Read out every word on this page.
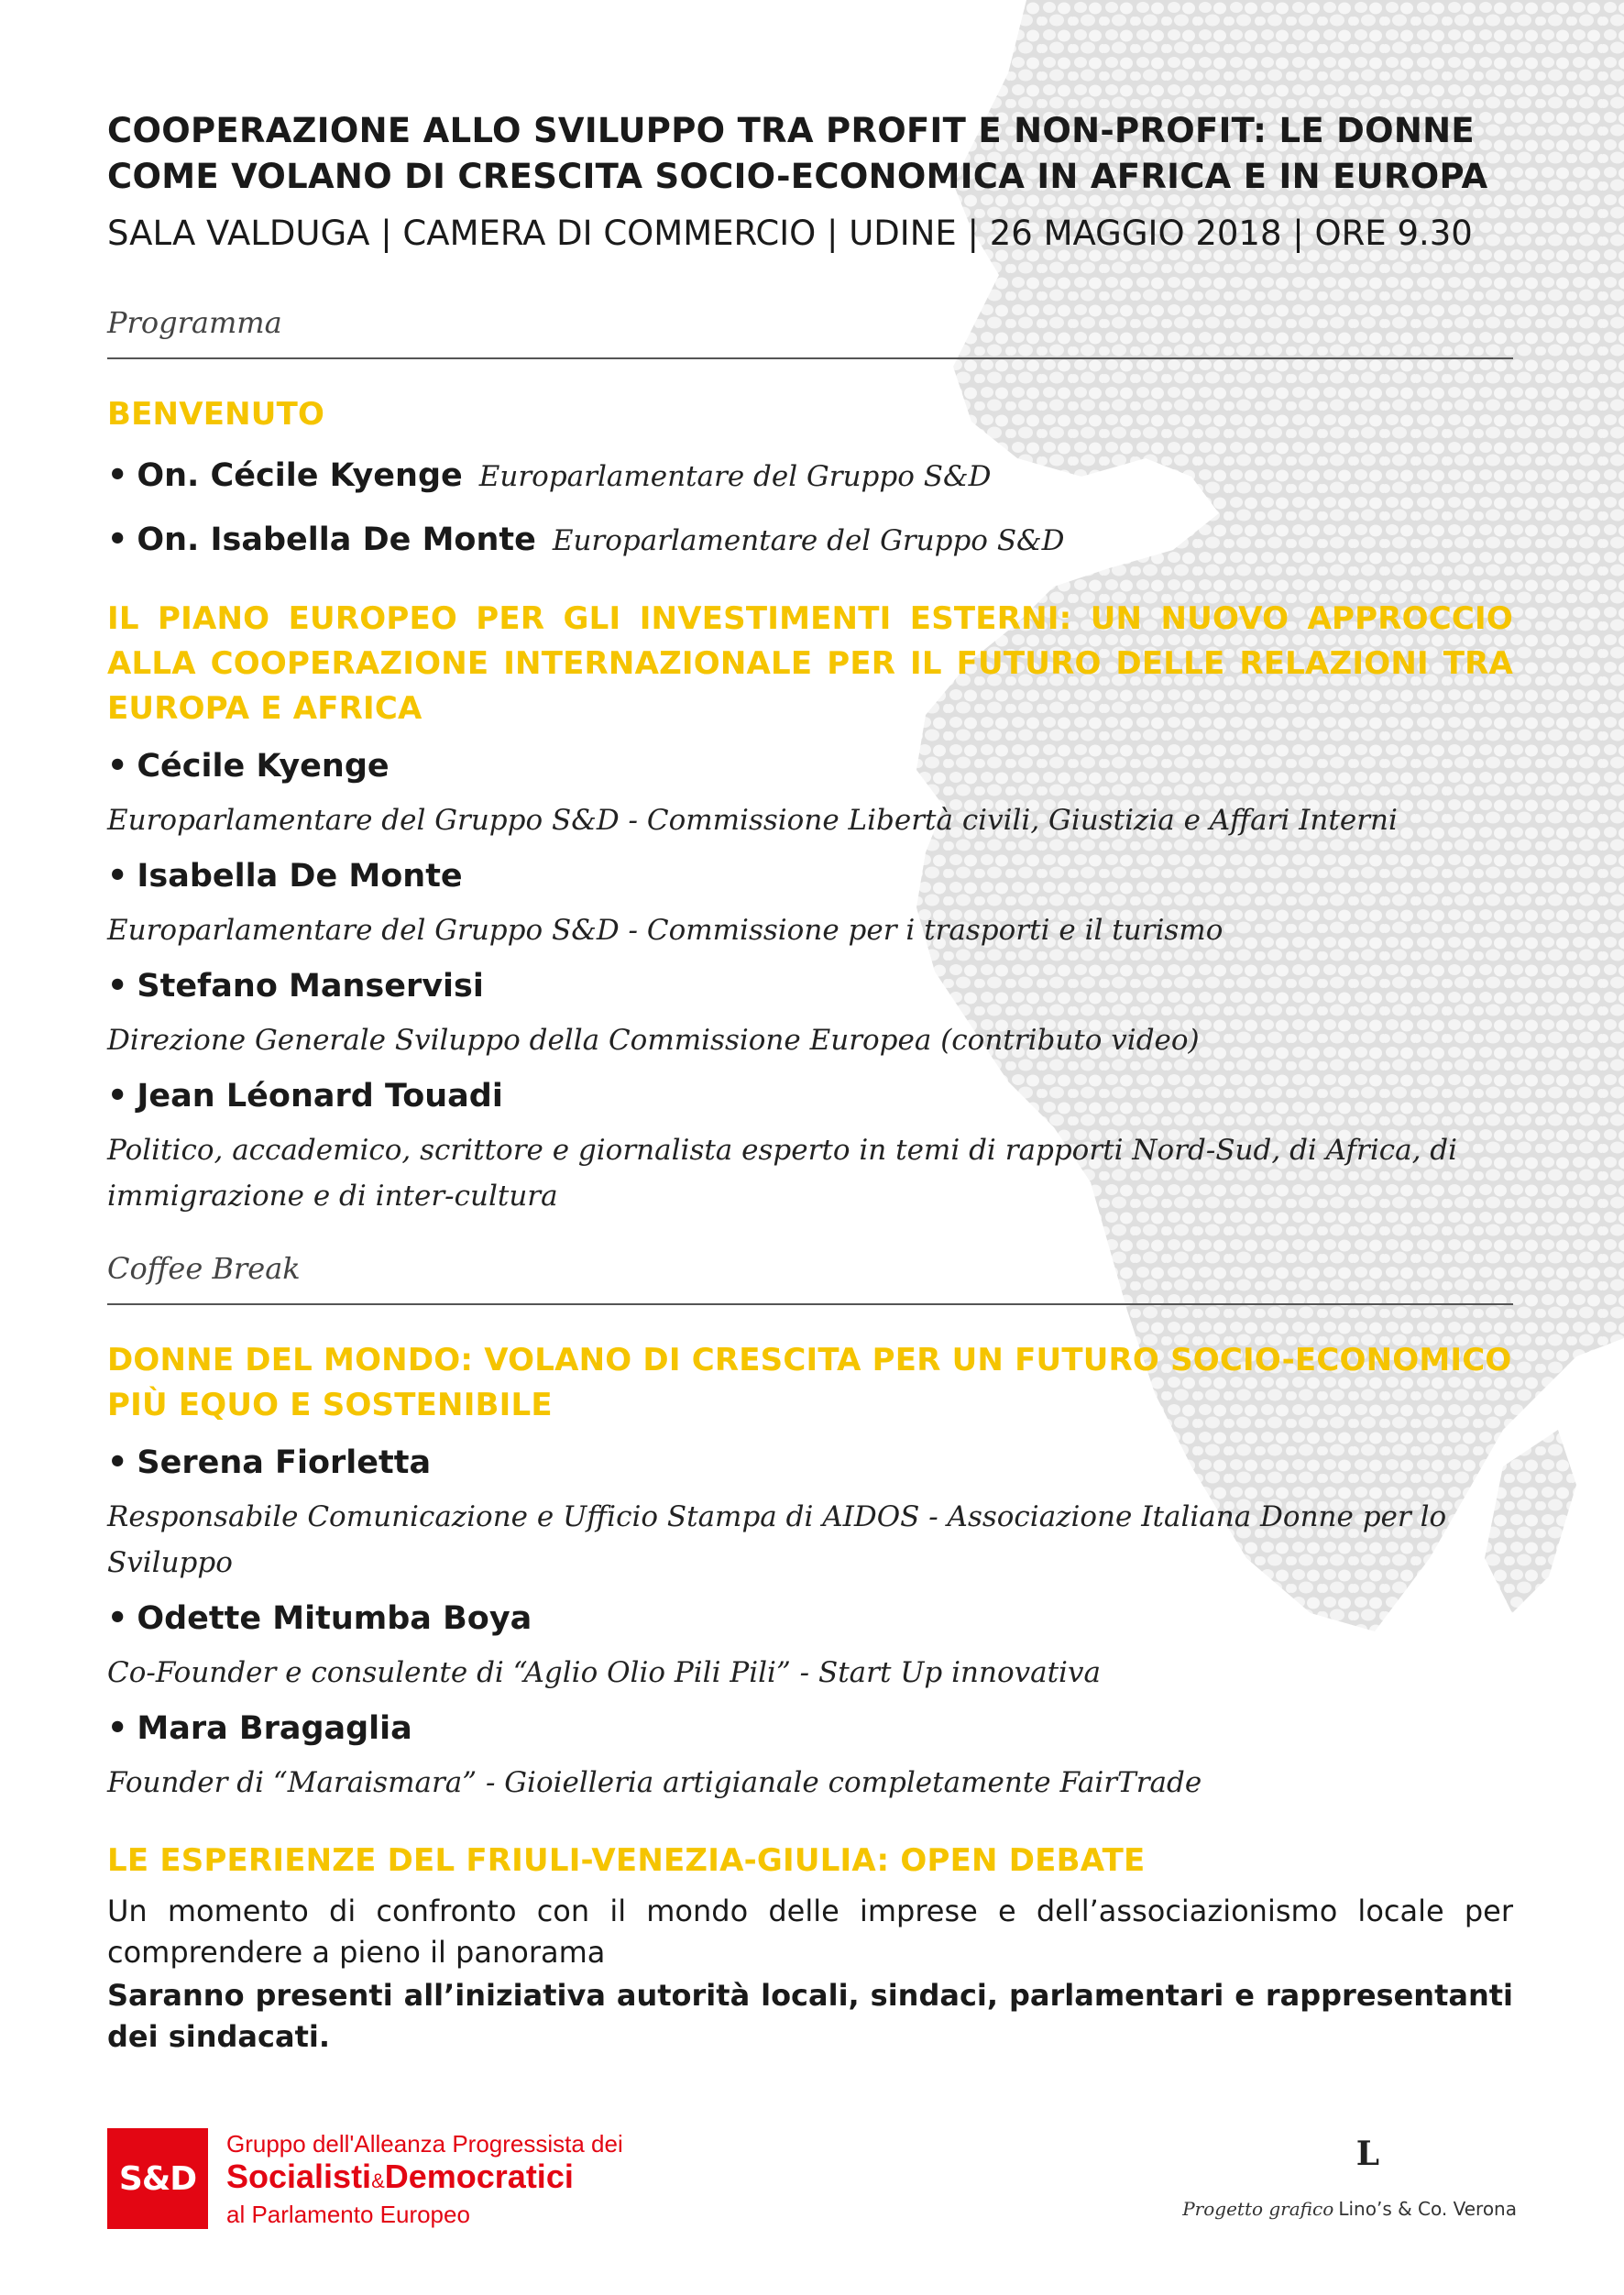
COOPERAZIONE ALLO SVILUPPO TRA PROFIT E NON-PROFIT: LE DONNE COME VOLANO DI CRESCITA SOCIO-ECONOMICA IN AFRICA E IN EUROPA

SALA VALDUGA | CAMERA DI COMMERCIO | UDINE | 26 MAGGIO 2018 | ORE 9.30

Programma

BENVENUTO
• On. Cécile Kyenge Europarlamentare del Gruppo S&D
• On. Isabella De Monte Europarlamentare del Gruppo S&D
IL PIANO EUROPEO PER GLI INVESTIMENTI ESTERNI: UN NUOVO APPROCCIO ALLA COOPERAZIONE INTERNAZIONALE PER IL FUTURO DELLE RELAZIONI TRA EUROPA E AFRICA
• Cécile Kyenge

Europarlamentare del Gruppo S&D - Commissione Libertà civili, Giustizia e Affari Interni

• Isabella De Monte

Europarlamentare del Gruppo S&D - Commissione per i trasporti e il turismo

• Stefano Manservisi

Direzione Generale Sviluppo della Commissione Europea (contributo video)

• Jean Léonard Touadi

Politico, accademico, scrittore e giornalista esperto in temi di rapporti Nord-Sud, di Africa, di immigrazione e di inter-cultura

Coffee Break

DONNE DEL MONDO: VOLANO DI CRESCITA PER UN FUTURO SOCIO-ECONOMICO PIÙ EQUO E SOSTENIBILE
• Serena Fiorletta

Responsabile Comunicazione e Ufficio Stampa di AIDOS - Associazione Italiana Donne per lo Sviluppo

• Odette Mitumba Boya

Co-Founder e consulente di “Aglio Olio Pili Pili” - Start Up innovativa

• Mara Bragaglia

Founder di “Maraismara” - Gioielleria artigianale completamente FairTrade

LE ESPERIENZE DEL FRIULI-VENEZIA-GIULIA: OPEN DEBATE

Un momento di confronto con il mondo delle imprese e dell’associazionismo locale per comprendere a pieno il panorama

Saranno presenti all’iniziativa autorità locali, sindaci, parlamentari e rappresentanti dei sindacati.

S&D
Gruppo dell'Alleanza Progressista dei
Socialisti&Democratici
al Parlamento Europeo
L
Progetto grafico Lino’s & Co. Verona
